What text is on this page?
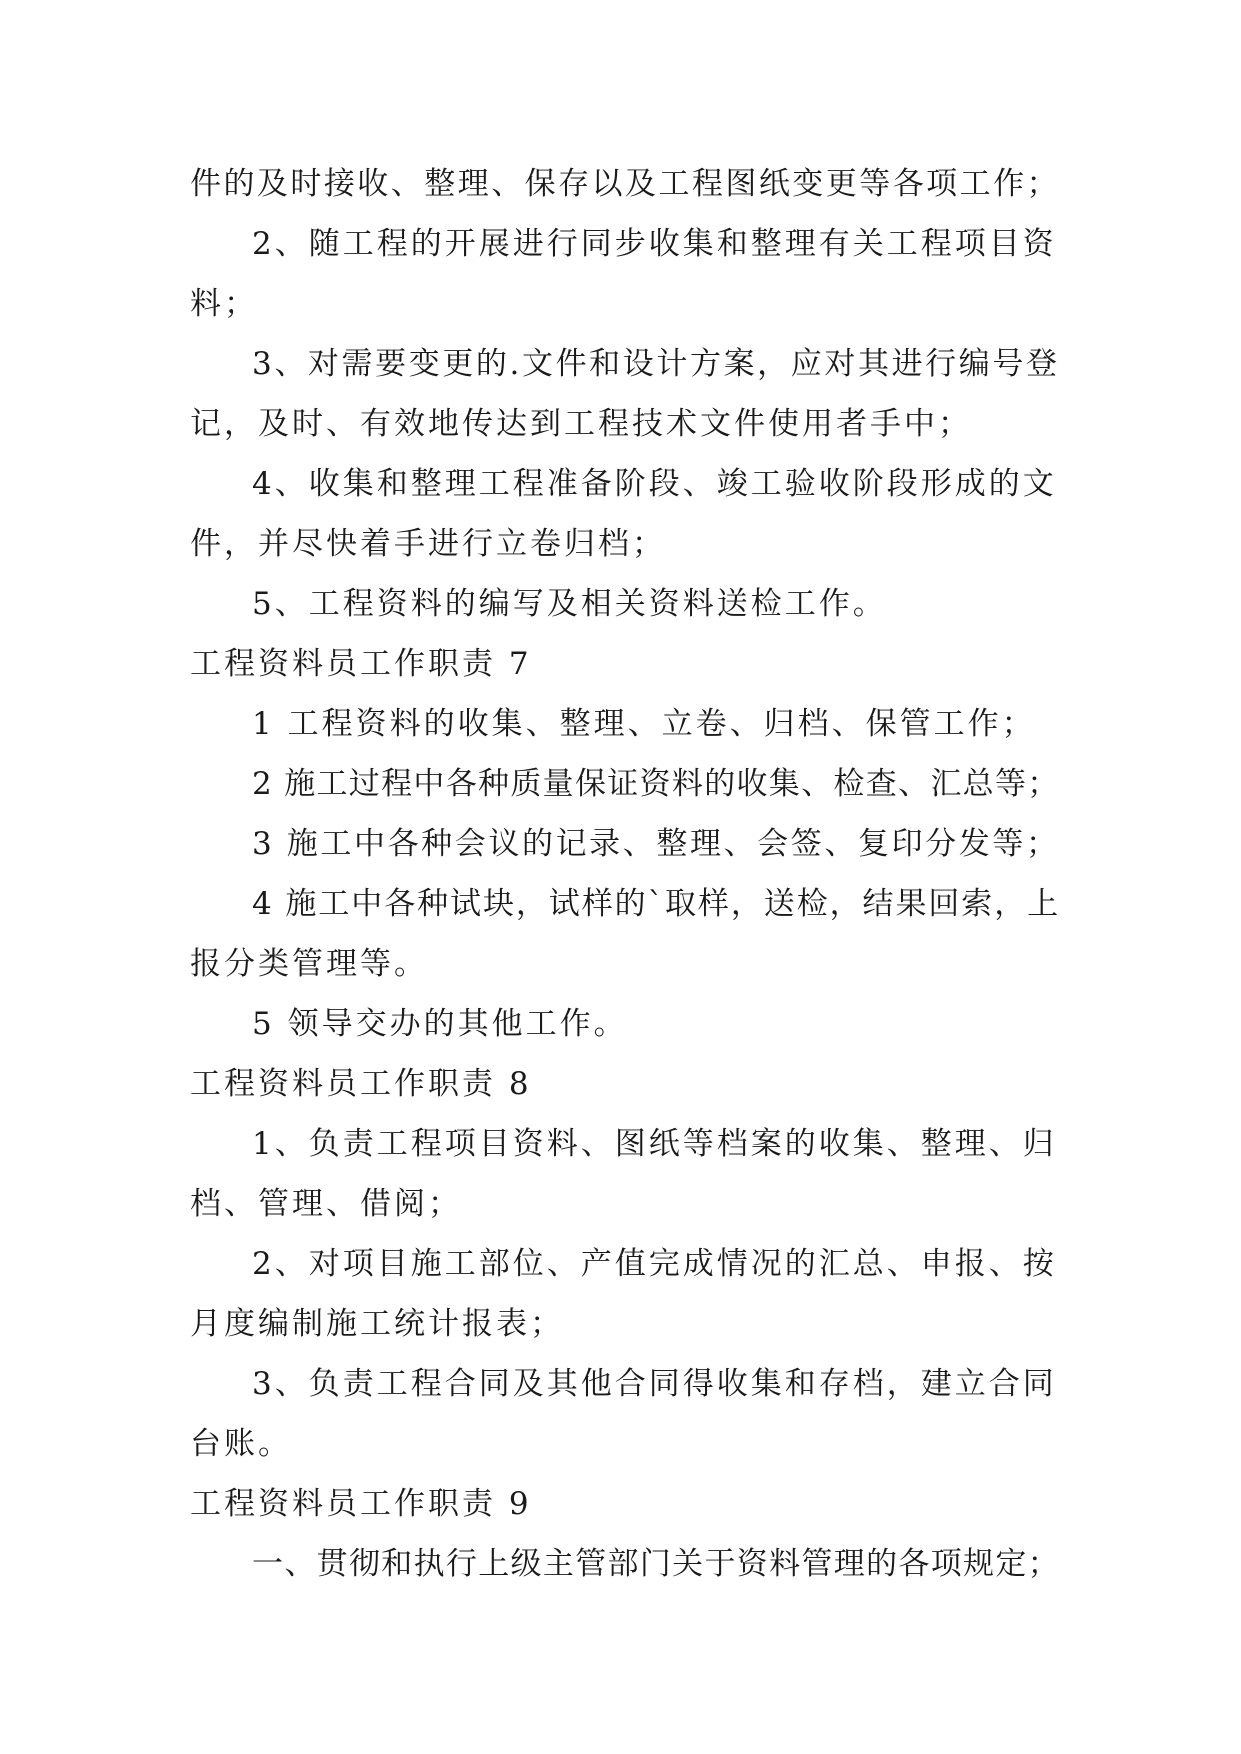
件的及时接收、整理、保存以及工程图纸变更等各项工作；
2、随工程的开展进行同步收集和整理有关工程项目资
料；
3、对需要变更的.文件和设计方案，应对其进行编号登
记，及时、有效地传达到工程技术文件使用者手中；
4、收集和整理工程准备阶段、竣工验收阶段形成的文
件，并尽快着手进行立卷归档；
5、工程资料的编写及相关资料送检工作。
工程资料员工作职责 7
1 工程资料的收集、整理、立卷、归档、保管工作；
2 施工过程中各种质量保证资料的收集、检查、汇总等；
3 施工中各种会议的记录、整理、会签、复印分发等；
4 施工中各种试块，试样的`取样，送检，结果回索，上
报分类管理等。
5 领导交办的其他工作。
工程资料员工作职责 8
1、负责工程项目资料、图纸等档案的收集、整理、归
档、管理、借阅；
2、对项目施工部位、产值完成情况的汇总、申报、按
月度编制施工统计报表；
3、负责工程合同及其他合同得收集和存档，建立合同
台账。
工程资料员工作职责 9
一、贯彻和执行上级主管部门关于资料管理的各项规定；
